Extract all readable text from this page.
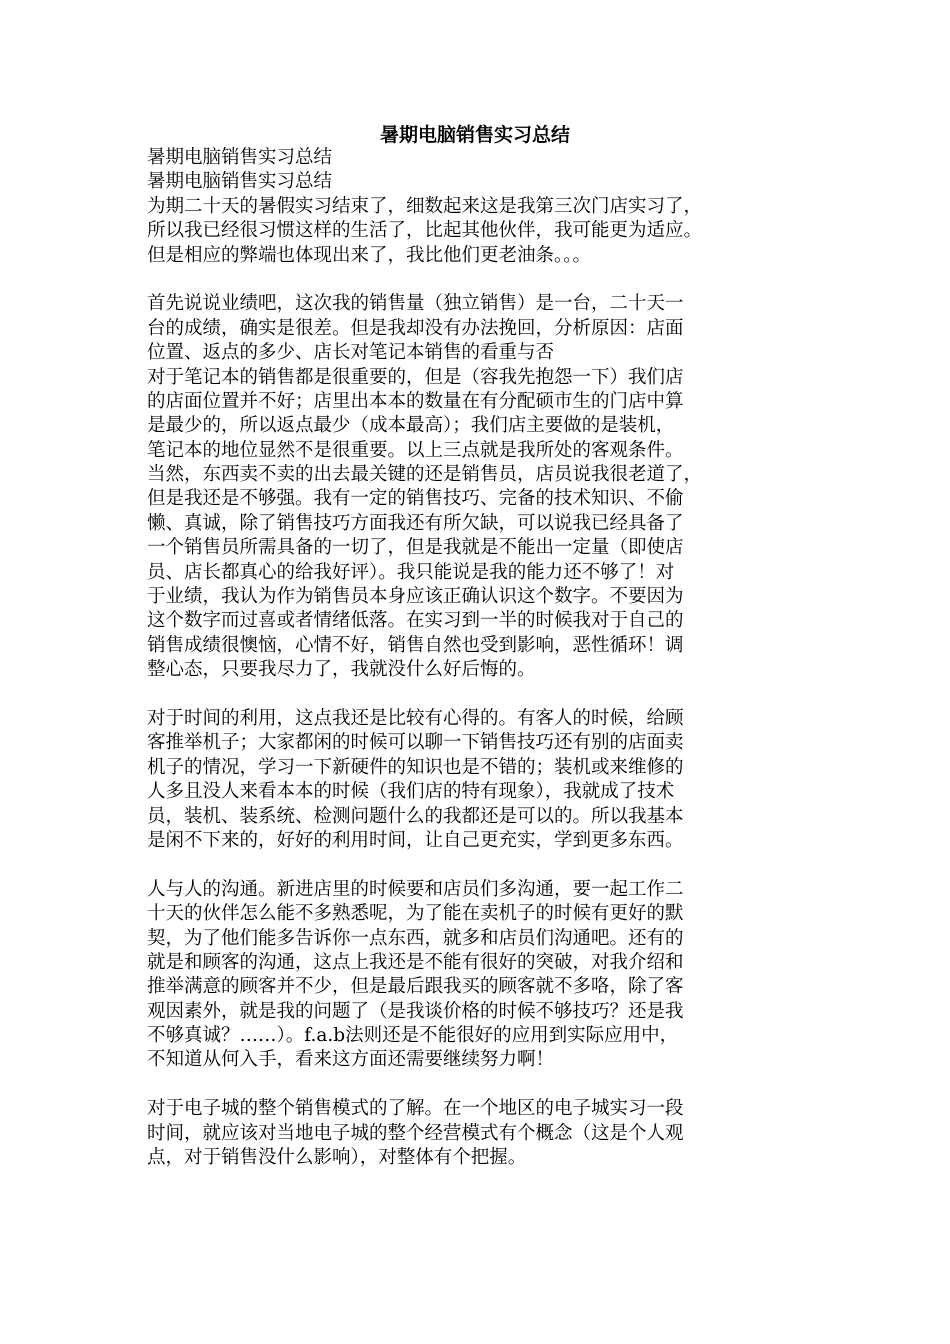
暑期电脑销售实习总结
暑期电脑销售实习总结
暑期电脑销售实习总结
为期二十天的暑假实习结束了，细数起来这是我第三次门店实习了，
所以我已经很习惯这样的生活了，比起其他伙伴，我可能更为适应。
但是相应的弊端也体现出来了，我比他们更老油条。。。
首先说说业绩吧，这次我的销售量（独立销售）是一台，二十天一
台的成绩，确实是很差。但是我却没有办法挽回，分析原因：店面
位置、返点的多少、店长对笔记本销售的看重与否
对于笔记本的销售都是很重要的，但是（容我先抱怨一下）我们店
的店面位置并不好；店里出本本的数量在有分配硕市生的门店中算
是最少的，所以返点最少（成本最高）；我们店主要做的是装机，
笔记本的地位显然不是很重要。以上三点就是我所处的客观条件。
当然，东西卖不卖的出去最关键的还是销售员，店员说我很老道了，
但是我还是不够强。我有一定的销售技巧、完备的技术知识、不偷
懒、真诚，除了销售技巧方面我还有所欠缺，可以说我已经具备了
一个销售员所需具备的一切了，但是我就是不能出一定量（即使店
员、店长都真心的给我好评）。我只能说是我的能力还不够了！对
于业绩，我认为作为销售员本身应该正确认识这个数字。不要因为
这个数字而过喜或者情绪低落。在实习到一半的时候我对于自己的
销售成绩很懊恼，心情不好，销售自然也受到影响，恶性循环！调
整心态，只要我尽力了，我就没什么好后悔的。
对于时间的利用，这点我还是比较有心得的。有客人的时候，给顾
客推举机子；大家都闲的时候可以聊一下销售技巧还有别的店面卖
机子的情况，学习一下新硬件的知识也是不错的；装机或来维修的
人多且没人来看本本的时候（我们店的特有现象），我就成了技术
员，装机、装系统、检测问题什么的我都还是可以的。所以我基本
是闲不下来的，好好的利用时间，让自己更充实，学到更多东西。
人与人的沟通。新进店里的时候要和店员们多沟通，要一起工作二
十天的伙伴怎么能不多熟悉呢，为了能在卖机子的时候有更好的默
契，为了他们能多告诉你一点东西，就多和店员们沟通吧。还有的
就是和顾客的沟通，这点上我还是不能有很好的突破，对我介绍和
推举满意的顾客并不少，但是最后跟我买的顾客就不多咯，除了客
观因素外，就是我的问题了（是我谈价格的时候不够技巧？还是我
不够真诚？……）。f.a.b法则还是不能很好的应用到实际应用中，
不知道从何入手，看来这方面还需要继续努力啊！
对于电子城的整个销售模式的了解。在一个地区的电子城实习一段
时间，就应该对当地电子城的整个经营模式有个概念（这是个人观
点，对于销售没什么影响），对整体有个把握。
